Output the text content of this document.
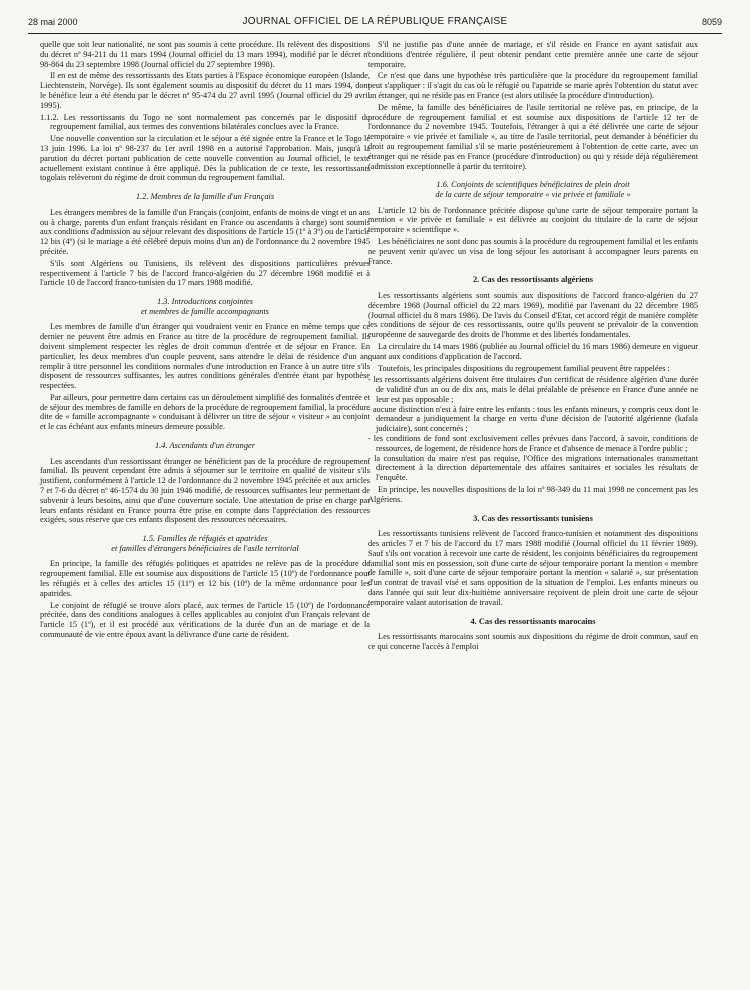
28 mai 2000	JOURNAL OFFICIEL DE LA RÉPUBLIQUE FRANÇAISE	8059

quelle que soit leur nationalité, ne sont pas soumis à cette procédure. Ils relèvent des dispositions du décret nº 94-211 du 11 mars 1994 (Journal officiel du 13 mars 1994), modifié par le décret nº 98-864 du 23 septembre 1998 (Journal officiel du 27 septembre 1998).

Il en est de même des ressortissants des Etats parties à l'Espace économique européen (Islande, Liechtenstein, Norvège). Ils sont également soumis au dispositif du décret du 11 mars 1994, dont le bénéfice leur a été étendu par le décret nº 95-474 du 27 avril 1995 (Journal officiel du 29 avril 1995).

1.1.2. Les ressortissants du Togo ne sont normalement pas concernés par le dispositif du regroupement familial, aux termes des conventions bilatérales conclues avec la France.

Une nouvelle convention sur la circulation et le séjour a été signée entre la France et le Togo le 13 juin 1996. La loi nº 98-237 du 1er avril 1998 en a autorisé l'approbation. Mais, jusqu'à la parution du décret portant publication de cette nouvelle convention au Journal officiel, le texte actuellement existant continue à être appliqué. Dès la publication de ce texte, les ressortissants togolais relèveront du régime de droit commun du regroupement familial.

1.2. Membres de la famille d'un Français

Les étrangers membres de la famille d'un Français (conjoint, enfants de moins de vingt et un ans ou à charge, parents d'un enfant français résidant en France ou ascendants à charge) sont soumis aux conditions d'admission au séjour relevant des dispositions de l'article 15 (1º à 3º) ou de l'article 12 bis (4º) (si le mariage a été célébré depuis moins d'un an) de l'ordonnance du 2 novembre 1945 précitée.

S'ils sont Algériens ou Tunisiens, ils relèvent des dispositions particulières prévues respectivement à l'article 7 bis de l'accord franco-algérien du 27 décembre 1968 modifié et à l'article 10 de l'accord franco-tunisien du 17 mars 1988 modifié.

1.3. Introductions conjointes
et membres de famille accompagnants

Les membres de famille d'un étranger qui voudraient venir en France en même temps que ce dernier ne peuvent être admis en France au titre de la procédure de regroupement familial. Ils doivent simplement respecter les règles de droit commun d'entrée et de séjour en France. En particulier, les deux membres d'un couple peuvent, sans attendre le délai de résidence d'un an, remplir à titre personnel les conditions normales d'une introduction en France à un autre titre s'ils disposent de ressources suffisantes, les autres conditions générales d'entrée étant par hypothèse respectées.

Par ailleurs, pour permettre dans certains cas un déroulement simplifié des formalités d'entrée et de séjour des membres de famille en dehors de la procédure de regroupement familial, la procédure dite de « famille accompagnante » conduisant à délivrer un titre de séjour « visiteur » au conjoint et le cas échéant aux enfants mineurs demeure possible.

1.4. Ascendants d'un étranger

Les ascendants d'un ressortissant étranger ne bénéficient pas de la procédure de regroupement familial. Ils peuvent cependant être admis à séjourner sur le territoire en qualité de visiteur s'ils justifient, conformément à l'article 12 de l'ordonnance du 2 novembre 1945 précitée et aux articles 7 et 7-6 du décret nº 46-1574 du 30 juin 1946 modifié, de ressources suffisantes leur permettant de subvenir à leurs besoins, ainsi que d'une couverture sociale. Une attestation de prise en charge par leurs enfants résidant en France pourra être prise en compte dans l'appréciation des ressources exigées, sous réserve que ces enfants disposent des ressources nécessaires.

1.5. Familles de réfugiés et apatrides
et familles d'étrangers bénéficiaires de l'asile territorial

En principe, la famille des réfugiés politiques et apatrides ne relève pas de la procédure de regroupement familial. Elle est soumise aux dispositions de l'article 15 (10º) de l'ordonnance pour les réfugiés et à celles des articles 15 (11º) et 12 bis (10º) de la même ordonnance pour les apatrides.

Le conjoint de réfugié se trouve alors placé, aux termes de l'article 15 (10º) de l'ordonnance précitée, dans des conditions analogues à celles applicables au conjoint d'un Français relevant de l'article 15 (1º), et il est procédé aux vérifications de la durée d'un an de mariage et de la communauté de vie entre époux avant la délivrance d'une carte de résident.

S'il ne justifie pas d'une année de mariage, et s'il réside en France en ayant satisfait aux conditions d'entrée régulière, il peut obtenir pendant cette première année une carte de séjour temporaire.

Ce n'est que dans une hypothèse très particulière que la procédure du regroupement familial peut s'appliquer : il s'agit du cas où le réfugié ou l'apatride se marie après l'obtention du statut avec un étranger, qui ne réside pas en France (est alors utilisée la procédure d'introduction).

De même, la famille des bénéficiaires de l'asile territorial ne relève pas, en principe, de la procédure de regroupement familial et est soumise aux dispositions de l'article 12 ter de l'ordonnance du 2 novembre 1945. Toutefois, l'étranger à qui a été délivrée une carte de séjour temporaire « vie privée et familiale », au titre de l'asile territorial, peut demander à bénéficier du droit au regroupement familial s'il se marie postérieurement à l'obtention de cette carte, avec un étranger qui ne réside pas en France (procédure d'introduction) ou qui y réside déjà régulièrement (admission exceptionnelle à partir du territoire).

1.6. Conjoints de scientifiques bénéficiaires de plein droit
de la carte de séjour temporaire « vie privée et familiale »

L'article 12 bis de l'ordonnance précitée dispose qu'une carte de séjour temporaire portant la mention « vie privée et familiale » est délivrée au conjoint du titulaire de la carte de séjour temporaire « scientifique ».

Les bénéficiaires ne sont donc pas soumis à la procédure du regroupement familial et les enfants ne peuvent venir qu'avec un visa de long séjour les autorisant à accompagner leurs parents en France.

2. Cas des ressortissants algériens

Les ressortissants algériens sont soumis aux dispositions de l'accord franco-algérien du 27 décembre 1968 (Journal officiel du 22 mars 1969), modifié par l'avenant du 22 décembre 1985 (Journal officiel du 8 mars 1986). De l'avis du Conseil d'Etat, cet accord régit de manière complète les conditions de séjour de ces ressortissants, outre qu'ils peuvent se prévaloir de la convention européenne de sauvegarde des droits de l'homme et des libertés fondamentales.

La circulaire du 14 mars 1986 (publiée au Journal officiel du 16 mars 1986) demeure en vigueur quant aux conditions d'application de l'accord.

Toutefois, les principales dispositions du regroupement familial peuvent être rappelées :

- les ressortissants algériens doivent être titulaires d'un certificat de résidence algérien d'une durée de validité d'un an ou de dix ans, mais le délai préalable de présence en France d'une année ne leur est pas opposable ;
- aucune distinction n'est à faire entre les enfants : tous les enfants mineurs, y compris ceux dont le demandeur a juridiquement la charge en vertu d'une décision de l'autorité algérienne (kafala judiciaire), sont concernés ;
- les conditions de fond sont exclusivement celles prévues dans l'accord, à savoir, conditions de ressources, de logement, de résidence hors de France et d'absence de menace à l'ordre public ;
- la consultation du maire n'est pas requise, l'Office des migrations internationales transmettant directement à la direction départementale des affaires sanitaires et sociales les résultats de l'enquête.

En principe, les nouvelles dispositions de la loi nº 98-349 du 11 mai 1998 ne concernent pas les Algériens.

3. Cas des ressortissants tunisiens

Les ressortissants tunisiens relèvent de l'accord franco-tunisien et notamment des dispositions des articles 7 et 7 bis de l'accord du 17 mars 1988 modifié (Journal officiel du 11 février 1989). Sauf s'ils ont vocation à recevoir une carte de résident, les conjoints bénéficiaires du regroupement familial sont mis en possession, soit d'une carte de séjour temporaire portant la mention « membre de famille », soit d'une carte de séjour temporaire portant la mention « salarié », sur présentation d'un contrat de travail visé et sans opposition de la situation de l'emploi. Les enfants mineurs ou dans l'année qui suit leur dix-huitième anniversaire reçoivent de plein droit une carte de séjour temporaire valant autorisation de travail.

4. Cas des ressortissants marocains

Les ressortissants marocains sont soumis aux dispositions du régime de droit commun, sauf en ce qui concerne l'accès à l'emploi
